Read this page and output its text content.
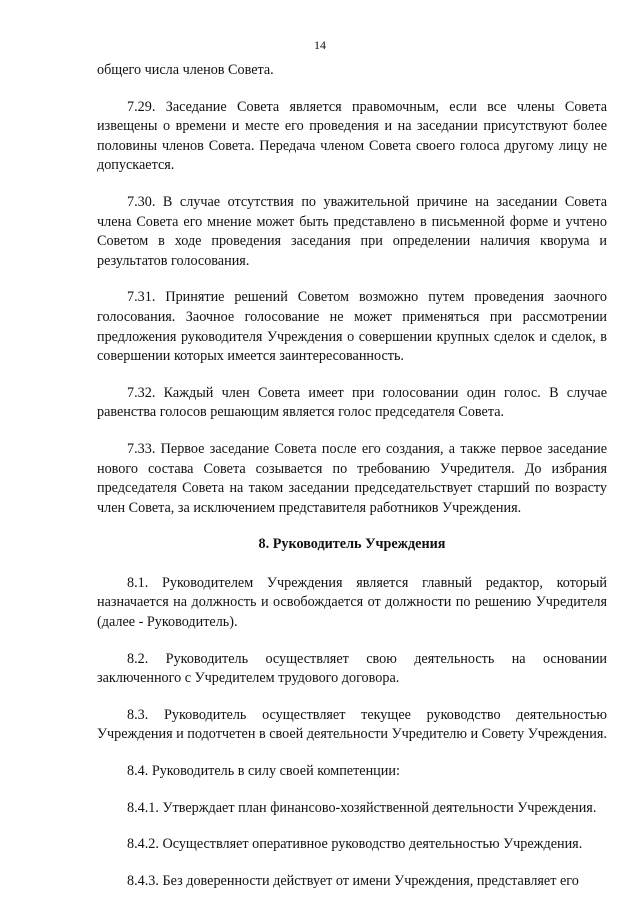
14

общего числа членов Совета.

7.29. Заседание Совета является правомочным, если все члены Совета извещены о времени и месте его проведения и на заседании присутствуют более половины членов Совета. Передача членом Совета своего голоса другому лицу не допускается.

7.30. В случае отсутствия по уважительной причине на заседании Совета члена Совета его мнение может быть представлено в письменной форме и учтено Советом в ходе проведения заседания при определении наличия кворума и результатов голосования.

7.31. Принятие решений Советом возможно путем проведения заочного голосования. Заочное голосование не может применяться при рассмотрении предложения руководителя Учреждения о совершении крупных сделок и сделок, в совершении которых имеется заинтересованность.

7.32. Каждый член Совета имеет при голосовании один голос. В случае равенства голосов решающим является голос председателя Совета.

7.33. Первое заседание Совета после его создания, а также первое заседание нового состава Совета созывается по требованию Учредителя. До избрания председателя Совета на таком заседании председательствует старший по возрасту член Совета, за исключением представителя работников Учреждения.

8. Руководитель Учреждения

8.1. Руководителем Учреждения является главный редактор, который назначается на должность и освобождается от должности по решению Учредителя (далее - Руководитель).

8.2. Руководитель осуществляет свою деятельность на основании заключенного с Учредителем трудового договора.

8.3. Руководитель осуществляет текущее руководство деятельностью Учреждения и подотчетен в своей деятельности Учредителю и Совету Учреждения.

8.4. Руководитель в силу своей компетенции:

8.4.1. Утверждает план финансово-хозяйственной деятельности Учреждения.

8.4.2. Осуществляет оперативное руководство деятельностью Учреждения.

8.4.3. Без доверенности действует от имени Учреждения, представляет его
